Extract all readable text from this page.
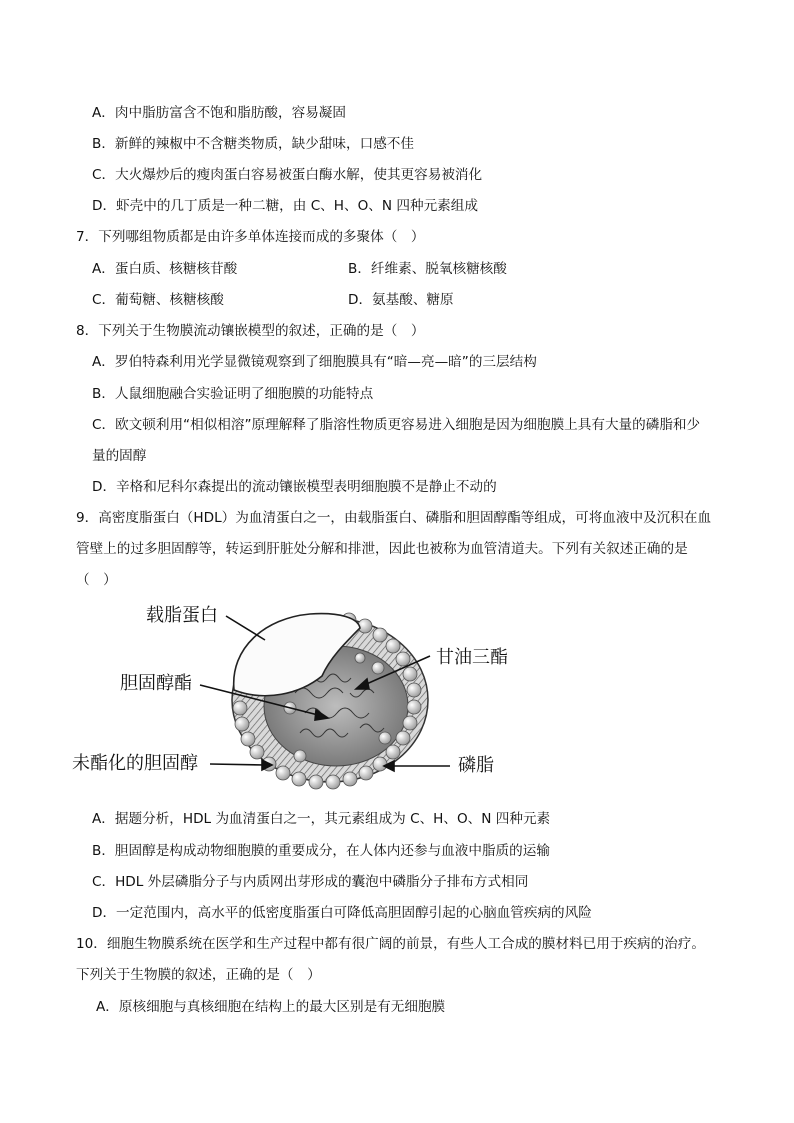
A．肉中脂肪富含不饱和脂肪酸，容易凝固
B．新鲜的辣椒中不含糖类物质，缺少甜味，口感不佳
C．大火爆炒后的瘦肉蛋白容易被蛋白酶水解，使其更容易被消化
D．虾壳中的几丁质是一种二糖，由 C、H、O、N 四种元素组成
7．下列哪组物质都是由许多单体连接而成的多聚体（　）
A．蛋白质、核糖核苷酸	B．纤维素、脱氧核糖核酸
C．葡萄糖、核糖核酸	D．氨基酸、糖原
8．下列关于生物膜流动镶嵌模型的叙述，正确的是（　）
A．罗伯特森利用光学显微镜观察到了细胞膜具有“暗—亮—暗”的三层结构
B．人鼠细胞融合实验证明了细胞膜的功能特点
C．欧文顿利用“相似相溶”原理解释了脂溶性物质更容易进入细胞是因为细胞膜上具有大量的磷脂和少
量的固醇
D．辛格和尼科尔森提出的流动镶嵌模型表明细胞膜不是静止不动的
9．高密度脂蛋白（HDL）为血清蛋白之一，由载脂蛋白、磷脂和胆固醇酯等组成，可将血液中及沉积在血
管壁上的过多胆固醇等，转运到肝脏处分解和排泄，因此也被称为血管清道夫。下列有关叙述正确的是
（　）
载脂蛋白
甘油三酯
胆固醇酯
未酯化的胆固醇	磷脂
A．据题分析，HDL 为血清蛋白之一，其元素组成为 C、H、O、N 四种元素
B．胆固醇是构成动物细胞膜的重要成分，在人体内还参与血液中脂质的运输
C．HDL 外层磷脂分子与内质网出芽形成的囊泡中磷脂分子排布方式相同
D．一定范围内，高水平的低密度脂蛋白可降低高胆固醇引起的心脑血管疾病的风险
10．细胞生物膜系统在医学和生产过程中都有很广阔的前景，有些人工合成的膜材料已用于疾病的治疗。
下列关于生物膜的叙述，正确的是（　）
A．原核细胞与真核细胞在结构上的最大区别是有无细胞膜
